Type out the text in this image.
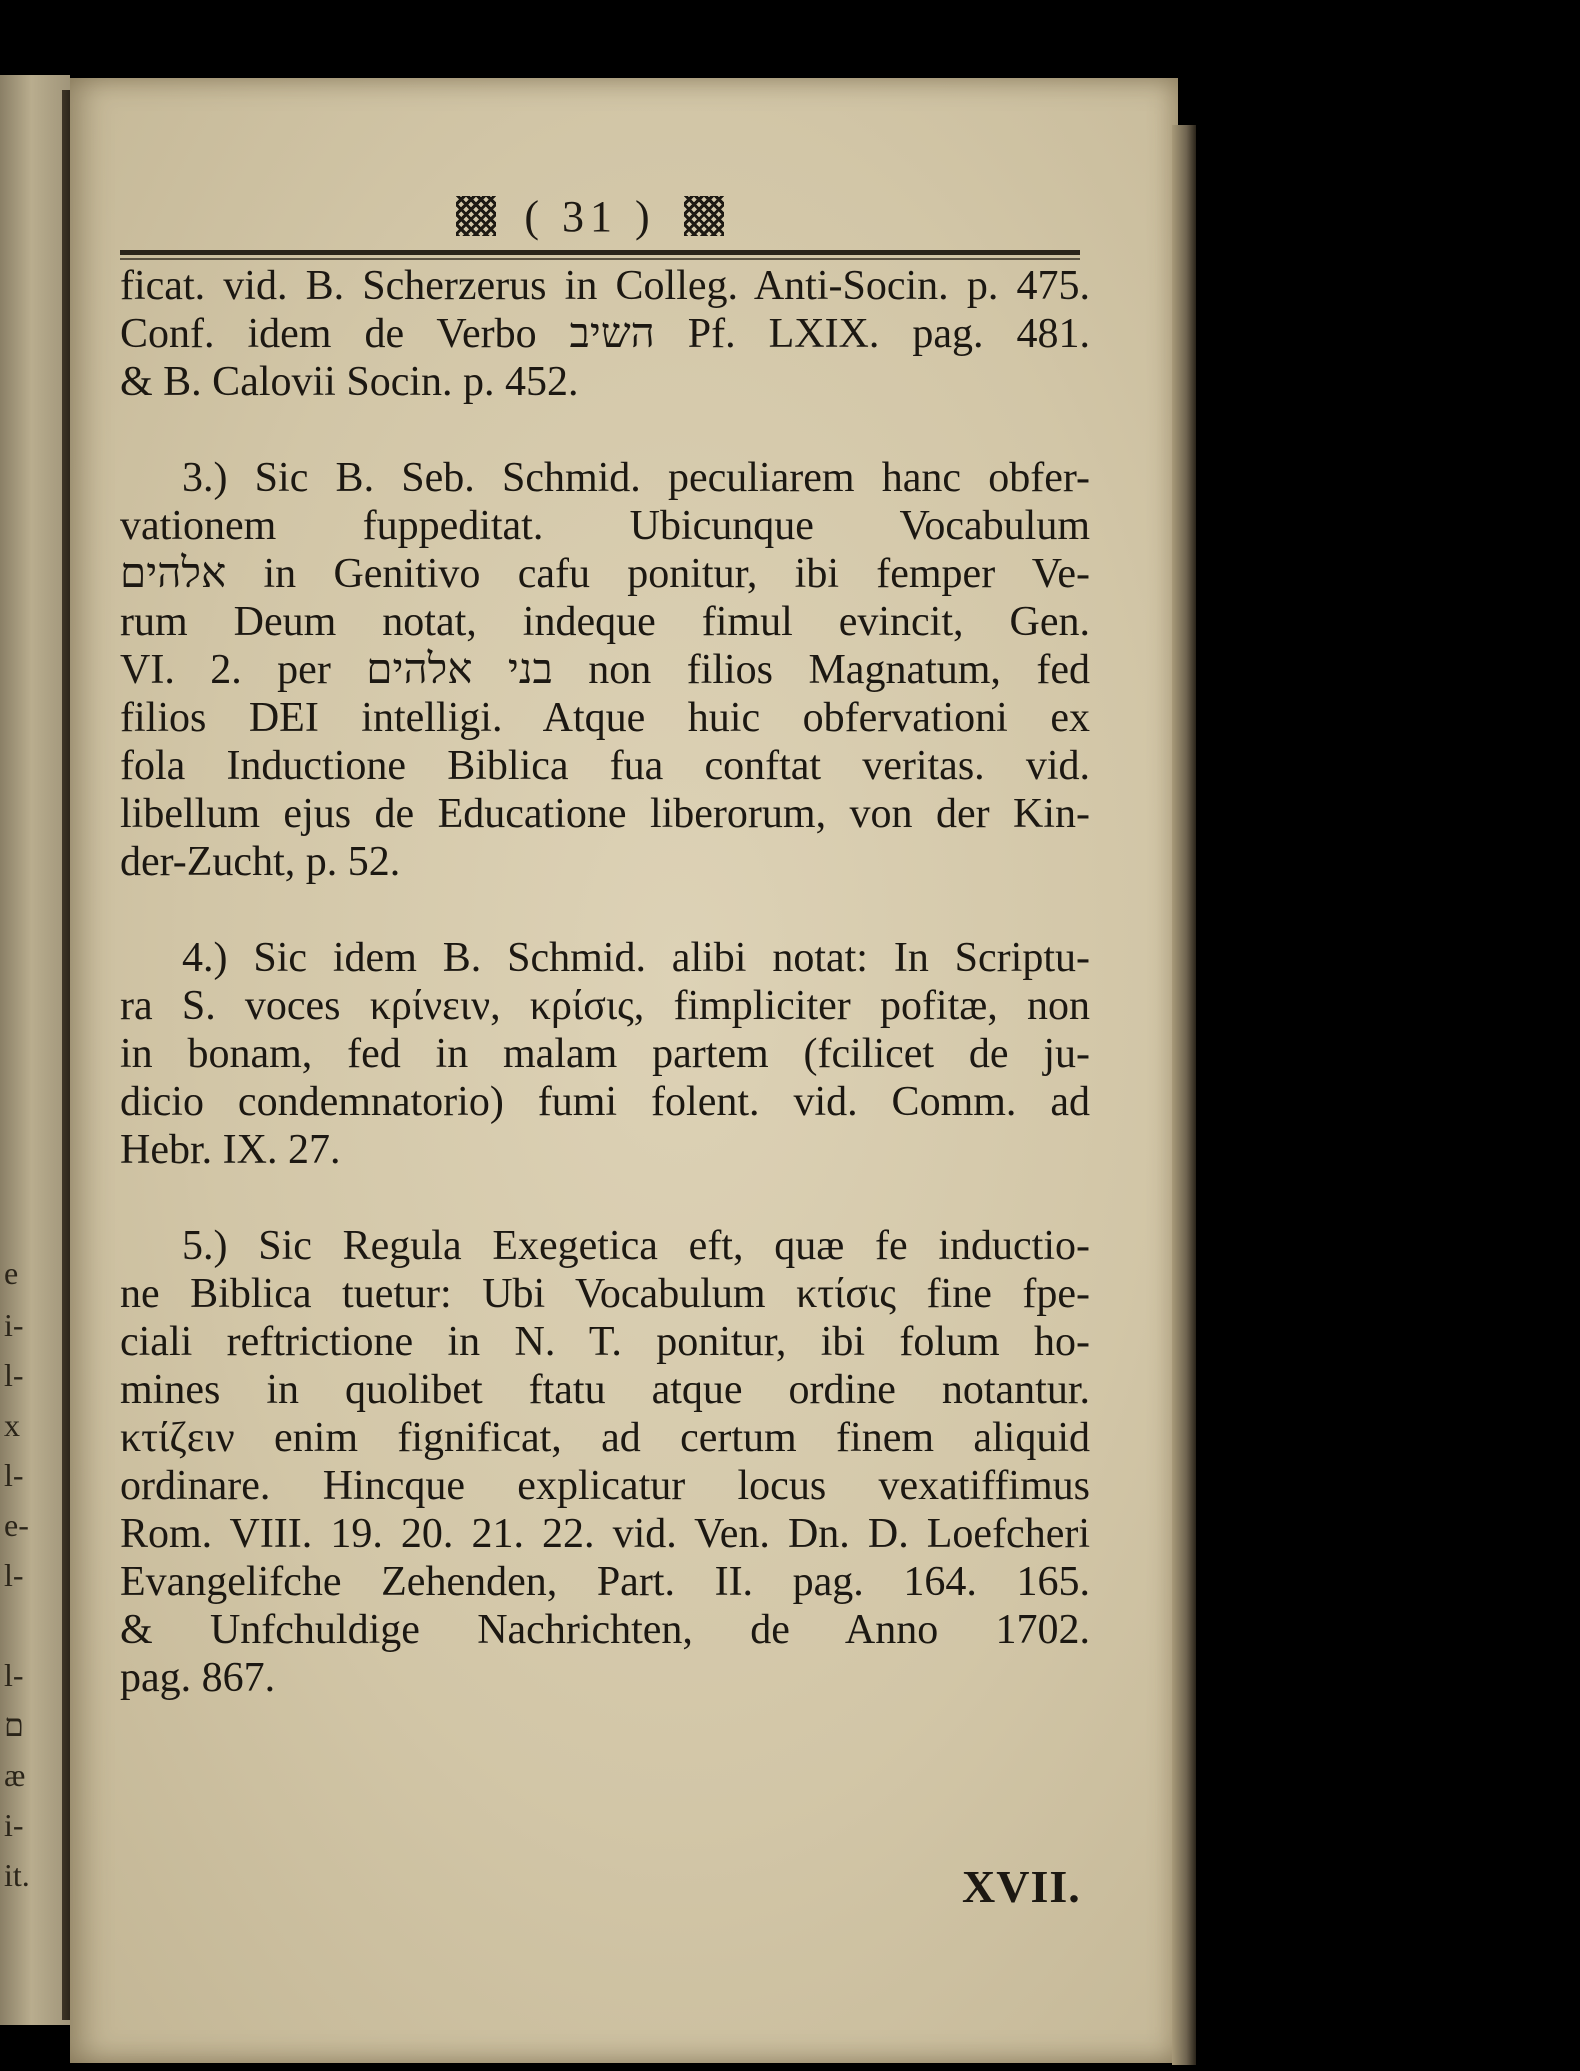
e
i-
l-
x
l-
e-
l-
l-
ם
æ
i-
it.
( 31 )
ficat. vid. B. Scherzerus in Colleg. Anti-Socin. p. 475.
Conf. idem de Verbo השיב Pf. LXIX. pag. 481.
& B. Calovii Socin. p. 452.
3.) Sic B. Seb. Schmid. peculiarem hanc obfer-
vationem fuppeditat. Ubicunque Vocabulum
אלהים in Genitivo cafu ponitur, ibi femper Ve-
rum Deum notat, indeque fimul evincit, Gen.
VI. 2. per בני אלהים non filios Magnatum, fed
filios DEI intelligi. Atque huic obfervationi ex
fola Inductione Biblica fua conftat veritas. vid.
libellum ejus de Educatione liberorum, von der Kin-
der-Zucht, p. 52.
4.) Sic idem B. Schmid. alibi notat: In Scriptu-
ra S. voces κρίνειν, κρίσις, fimpliciter pofitæ, non
in bonam, fed in malam partem (fcilicet de ju-
dicio condemnatorio) fumi folent. vid. Comm. ad
Hebr. IX. 27.
5.) Sic Regula Exegetica eft, quæ fe inductio-
ne Biblica tuetur: Ubi Vocabulum κτίσις fine fpe-
ciali reftrictione in N. T. ponitur, ibi folum ho-
mines in quolibet ftatu atque ordine notantur.
κτίζειν enim fignificat, ad certum finem aliquid
ordinare. Hincque explicatur locus vexatiffimus
Rom. VIII. 19. 20. 21. 22. vid. Ven. Dn. D. Loefcheri
Evangelifche Zehenden, Part. II. pag. 164. 165.
& Unfchuldige Nachrichten, de Anno 1702.
pag. 867.
XVII.
